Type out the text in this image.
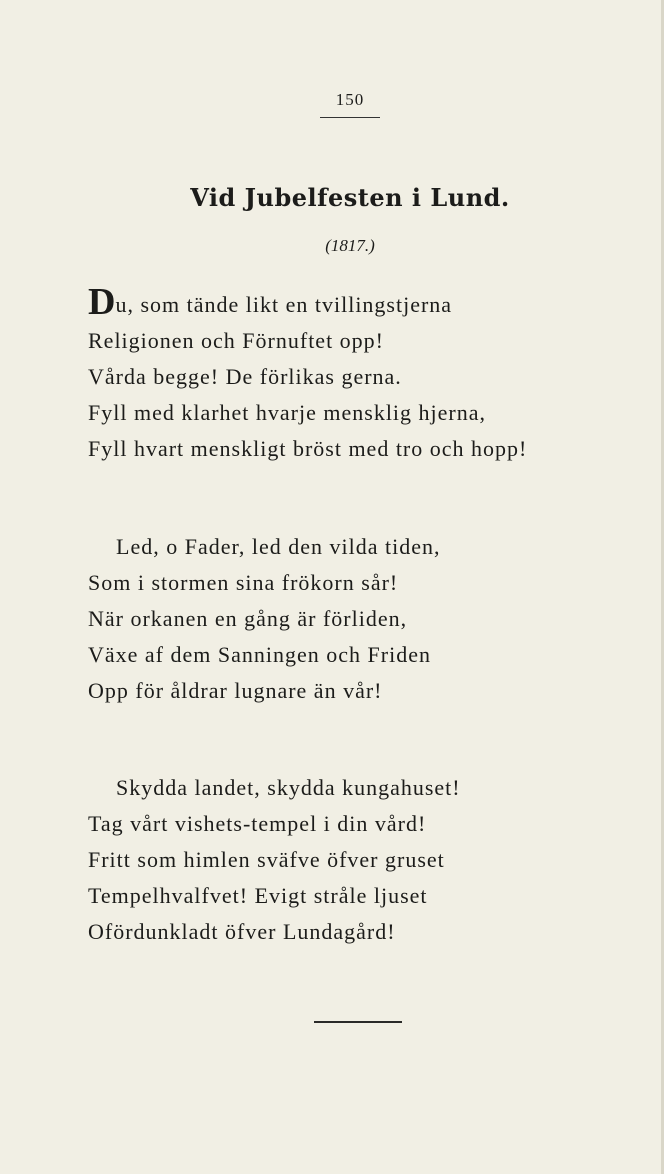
150
Vid Jubelfesten i Lund.
(1817.)
Du, som tände likt en tvillingstjerna
Religionen och Förnuftet opp!
Vårda begge! De förlikas gerna.
Fyll med klarhet hvarje mensklig hjerna,
Fyll hvart menskligt bröst med tro och hopp!
Led, o Fader, led den vilda tiden,
Som i stormen sina frökorn sår!
När orkanen en gång är förliden,
Växe af dem Sanningen och Friden
Opp för åldrar lugnare än vår!
Skydda landet, skydda kungahuset!
Tag vårt vishets-tempel i din vård!
Fritt som himlen sväfve öfver gruset
Tempelhvalfvet! Evigt stråle ljuset
Ofördunkladt öfver Lundagård!
